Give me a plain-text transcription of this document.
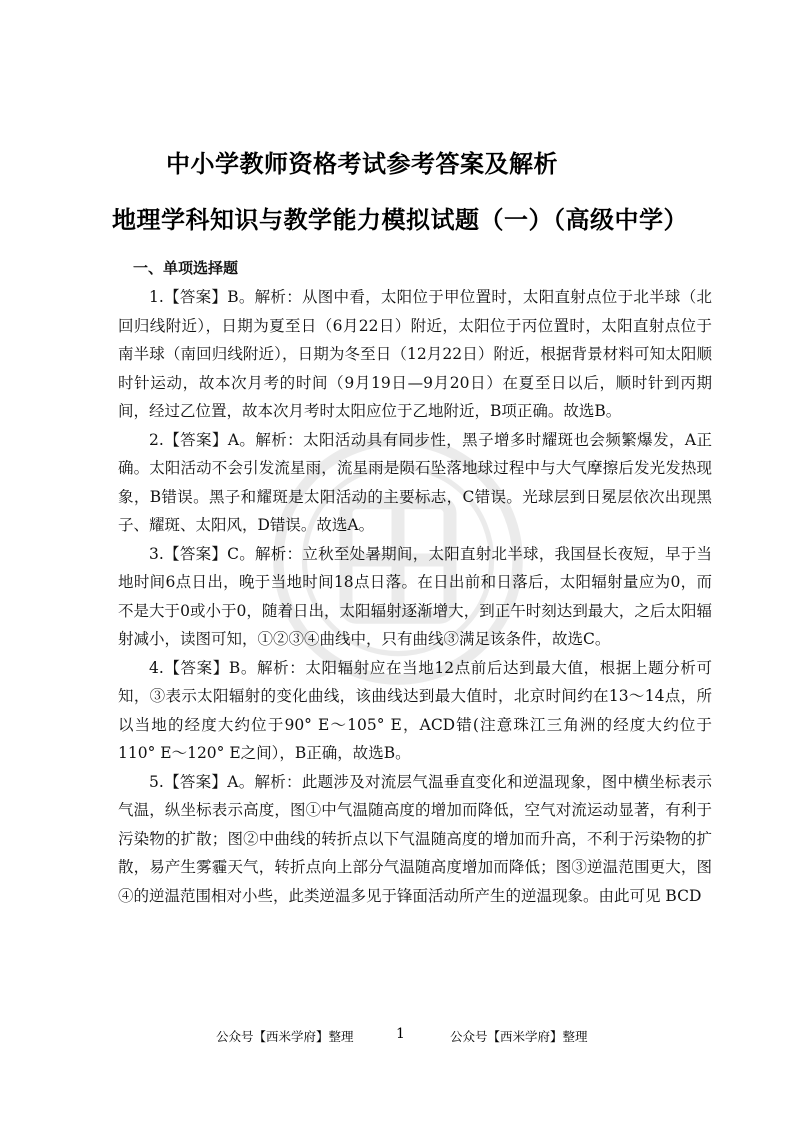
中小学教师资格考试参考答案及解析
地理学科知识与教学能力模拟试题（一）（高级中学）
一、单项选择题

1.【答案】B。解析：从图中看，太阳位于甲位置时，太阳直射点位于北半球（北回归线附近），日期为夏至日（6月22日）附近，太阳位于丙位置时，太阳直射点位于南半球（南回归线附近），日期为冬至日（12月22日）附近，根据背景材料可知太阳顺时针运动，故本次月考的时间（9月19日—9月20日）在夏至日以后，顺时针到丙期间，经过乙位置，故本次月考时太阳应位于乙地附近，B项正确。故选B。

2.【答案】A。解析：太阳活动具有同步性，黑子增多时耀斑也会频繁爆发，A正确。太阳活动不会引发流星雨，流星雨是陨石坠落地球过程中与大气摩擦后发光发热现象，B错误。黑子和耀斑是太阳活动的主要标志，C错误。光球层到日冕层依次出现黑子、耀斑、太阳风，D错误。故选A。

3.【答案】C。解析：立秋至处暑期间，太阳直射北半球，我国昼长夜短，早于当地时间6点日出，晚于当地时间18点日落。在日出前和日落后，太阳辐射量应为0，而不是大于0或小于0，随着日出，太阳辐射逐渐增大，到正午时刻达到最大，之后太阳辐射减小，读图可知，①②③④曲线中，只有曲线③满足该条件，故选C。

4.【答案】B。解析：太阳辐射应在当地12点前后达到最大值，根据上题分析可知，③表示太阳辐射的变化曲线，该曲线达到最大值时，北京时间约在13～14点，所以当地的经度大约位于90° E～105° E，ACD错(注意珠江三角洲的经度大约位于110° E～120° E之间），B正确，故选B。

5.【答案】A。解析：此题涉及对流层气温垂直变化和逆温现象，图中横坐标表示气温，纵坐标表示高度，图①中气温随高度的增加而降低，空气对流运动显著，有利于污染物的扩散；图②中曲线的转折点以下气温随高度的增加而升高，不利于污染物的扩散，易产生雾霾天气，转折点向上部分气温随高度增加而降低；图③逆温范围更大，图④的逆温范围相对小些，此类逆温多见于锋面活动所产生的逆温现象。由此可见 BCD

公众号【西米学府】整理	1	公众号【西米学府】整理
